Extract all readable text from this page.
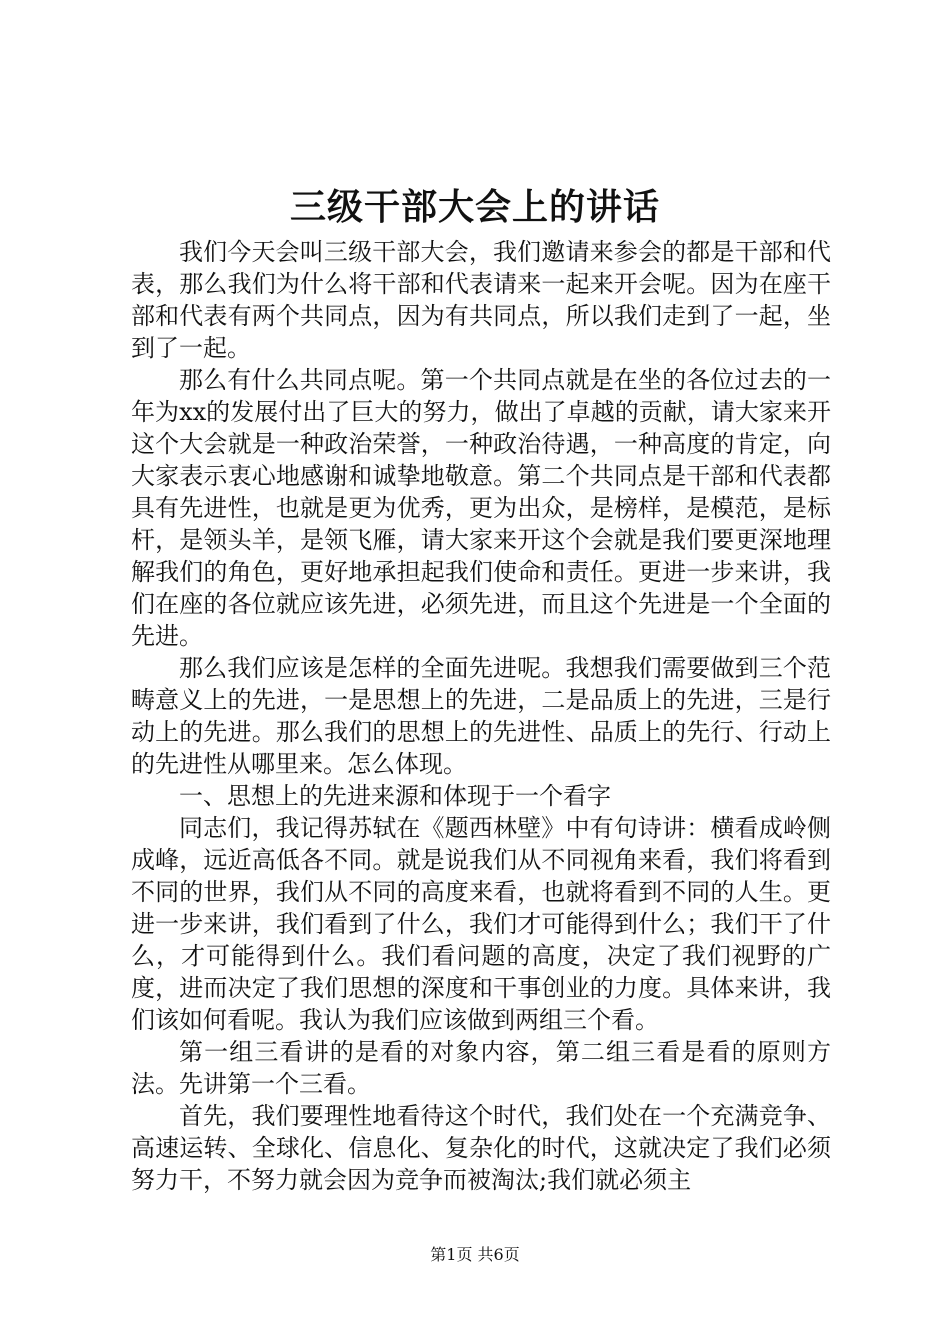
三级干部大会上的讲话

我们今天会叫三级干部大会，我们邀请来参会的都是干部和代表，那么我们为什么将干部和代表请来一起来开会呢。因为在座干部和代表有两个共同点，因为有共同点，所以我们走到了一起，坐到了一起。

那么有什么共同点呢。第一个共同点就是在坐的各位过去的一年为xx的发展付出了巨大的努力，做出了卓越的贡献，请大家来开这个大会就是一种政治荣誉，一种政治待遇，一种高度的肯定，向大家表示衷心地感谢和诚挚地敬意。第二个共同点是干部和代表都具有先进性，也就是更为优秀，更为出众，是榜样，是模范，是标杆，是领头羊，是领飞雁，请大家来开这个会就是我们要更深地理解我们的角色，更好地承担起我们使命和责任。更进一步来讲，我们在座的各位就应该先进，必须先进，而且这个先进是一个全面的先进。

那么我们应该是怎样的全面先进呢。我想我们需要做到三个范畴意义上的先进，一是思想上的先进，二是品质上的先进，三是行动上的先进。那么我们的思想上的先进性、品质上的先行、行动上的先进性从哪里来。怎么体现。

一、思想上的先进来源和体现于一个看字

同志们，我记得苏轼在《题西林壁》中有句诗讲：横看成岭侧成峰，远近高低各不同。就是说我们从不同视角来看，我们将看到不同的世界，我们从不同的高度来看，也就将看到不同的人生。更进一步来讲，我们看到了什么，我们才可能得到什么；我们干了什么，才可能得到什么。我们看问题的高度，决定了我们视野的广度，进而决定了我们思想的深度和干事创业的力度。具体来讲，我们该如何看呢。我认为我们应该做到两组三个看。

第一组三看讲的是看的对象内容，第二组三看是看的原则方法。先讲第一个三看。

首先，我们要理性地看待这个时代，我们处在一个充满竞争、高速运转、全球化、信息化、复杂化的时代，这就决定了我们必须努力干，不努力就会因为竞争而被淘汰;我们就必须主

第1页 共6页
